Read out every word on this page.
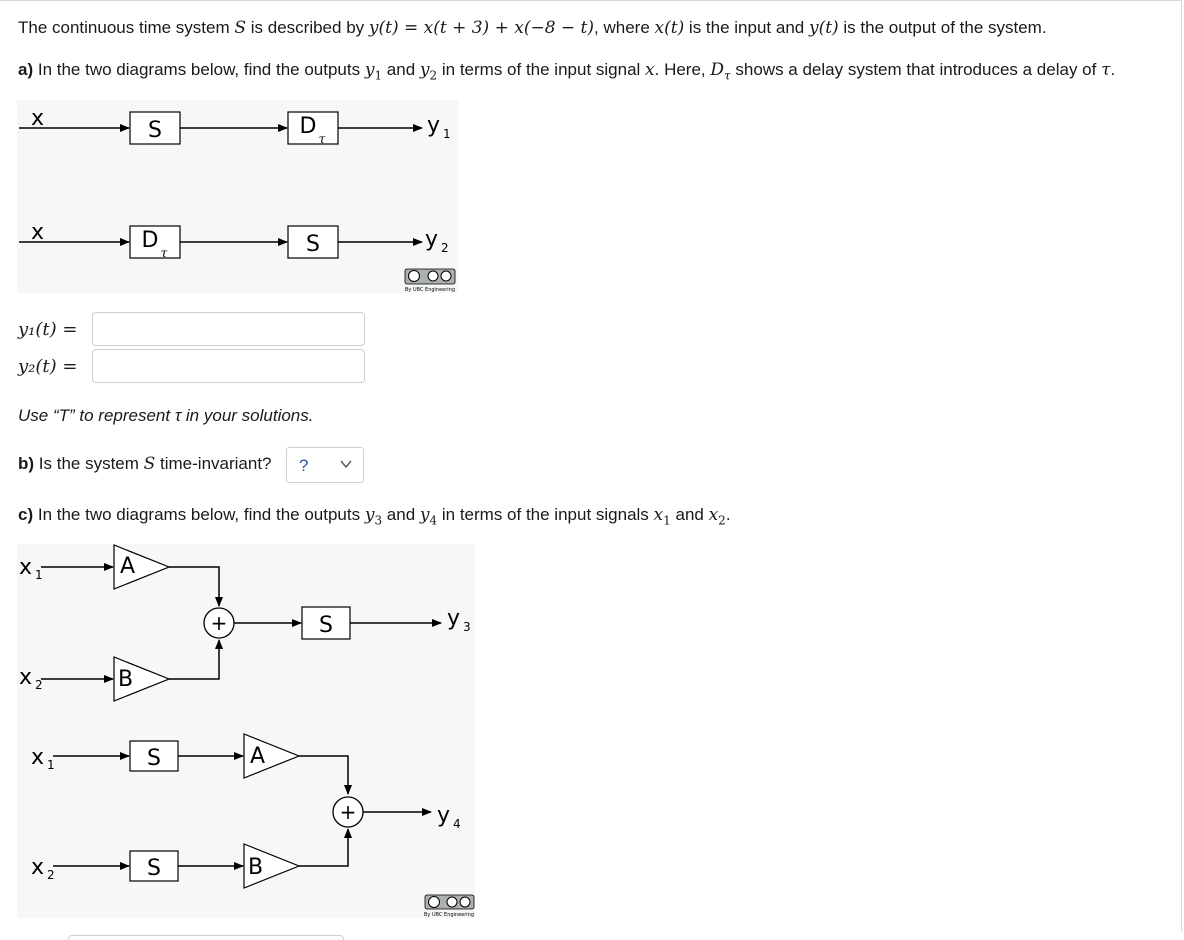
The continuous time system S is described by y(t) = x(t + 3) + x(−8 − t), where x(t) is the input and y(t) is the output of the system.
a) In the two diagrams below, find the outputs $y_1$ and $y_2$ in terms of the input signal x. Here, $D_\tau$ shows a delay system that introduces a delay of τ.
x	S	D τ
y 1
x	D τ	S	y 2
By UBC Engineering
y₁(t) =
y₂(t) =
Use “T” to represent τ in your solutions.
b) Is the system S time-invariant? ?
c) In the two diagrams below, find the outputs $y_3$ and $y_4$ in terms of the input signals $x_1$ and $x_2$.
x 1	A
x 2	B
+	S	y 3
x 1	S	A
x 2	S	B
+	y 4
By UBC Engineering
